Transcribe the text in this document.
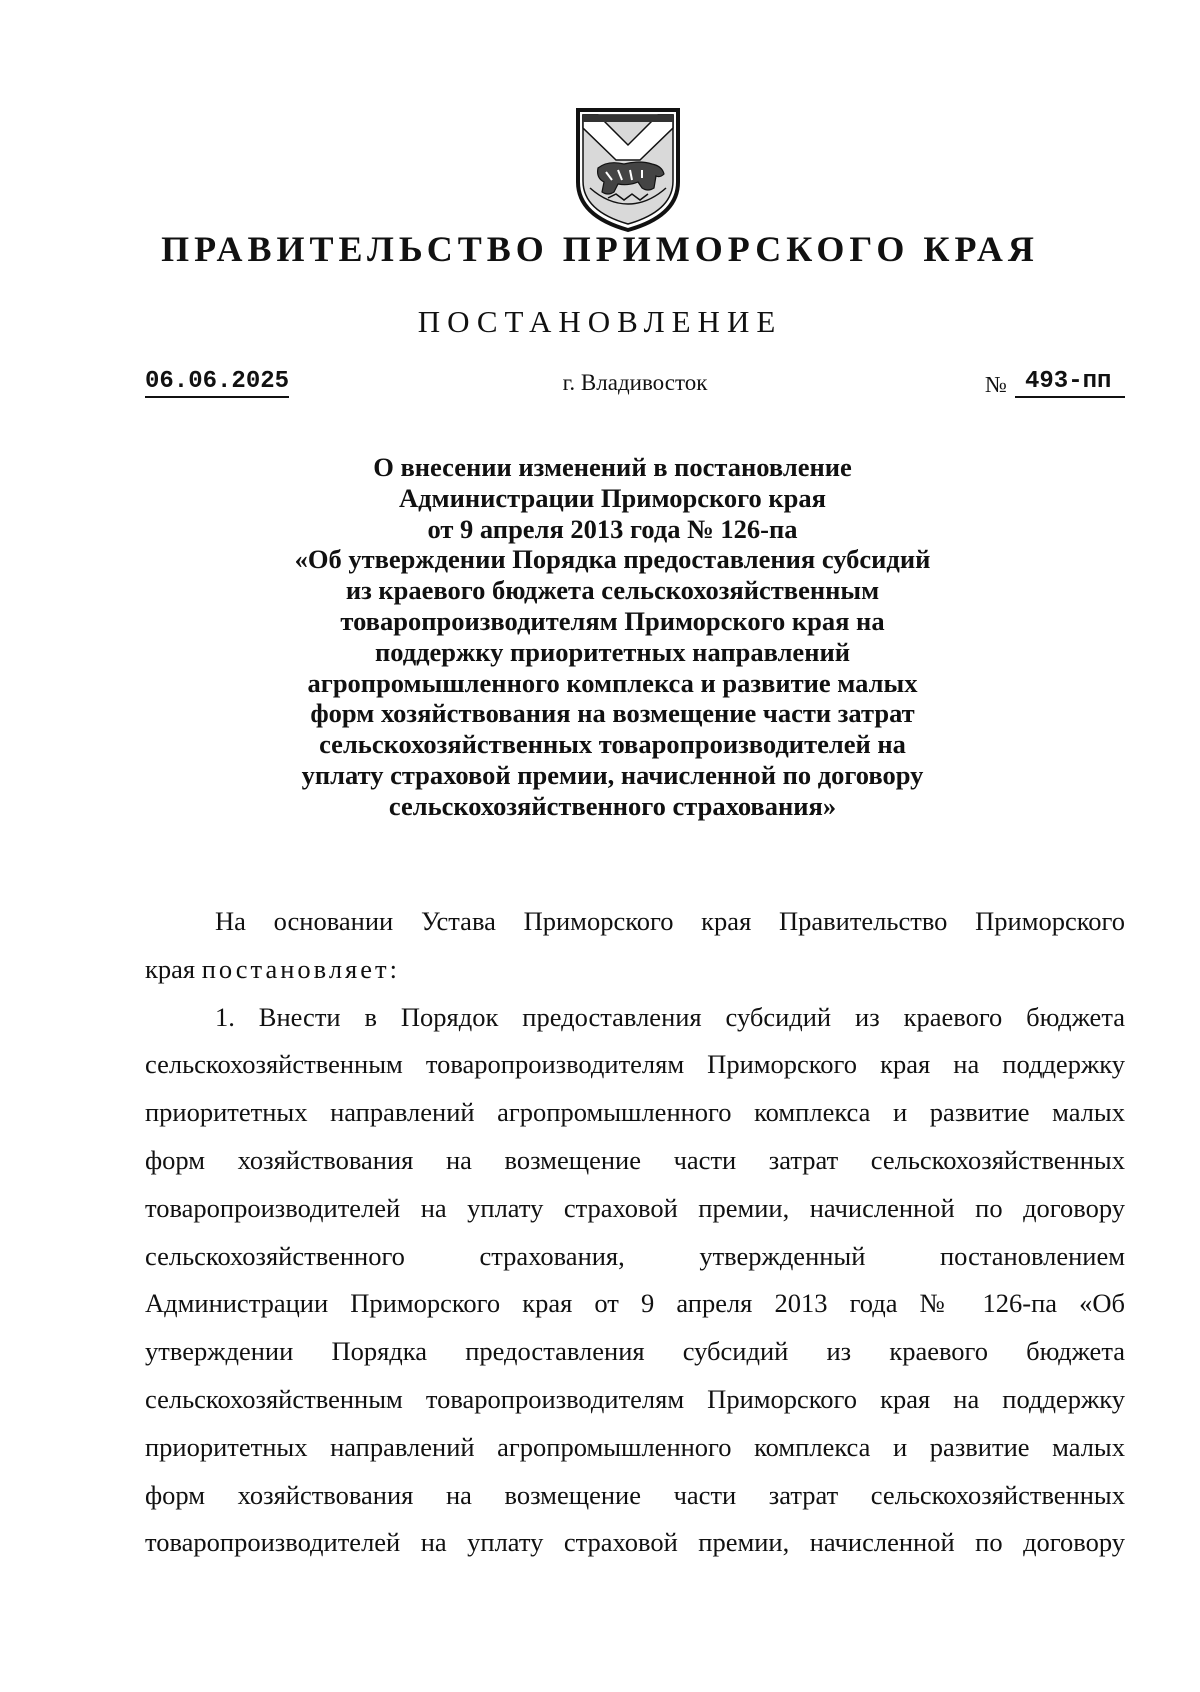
ПРАВИТЕЛЬСТВО ПРИМОРСКОГО КРАЯ
ПОСТАНОВЛЕНИЕ
06.06.2025	г. Владивосток	№ 493-пп
О внесении изменений в постановление
Администрации Приморского края
от 9 апреля 2013 года № 126-па
«Об утверждении Порядка предоставления субсидий
из краевого бюджета сельскохозяйственным
товаропроизводителям Приморского края на
поддержку приоритетных направлений
агропромышленного комплекса и развитие малых
форм хозяйствования на возмещение части затрат
сельскохозяйственных товаропроизводителей на
уплату страховой премии, начисленной по договору
сельскохозяйственного страхования»
На основании Устава Приморского края Правительство Приморского
края постановляет:
1. Внести в Порядок предоставления субсидий из краевого бюджета
сельскохозяйственным товаропроизводителям Приморского края на поддержку
приоритетных направлений агропромышленного комплекса и развитие малых
форм хозяйствования на возмещение части затрат сельскохозяйственных
товаропроизводителей на уплату страховой премии, начисленной по договору
сельскохозяйственного страхования, утвержденный постановлением
Администрации Приморского края от 9 апреля 2013 года № 126-па «Об
утверждении Порядка предоставления субсидий из краевого бюджета
сельскохозяйственным товаропроизводителям Приморского края на поддержку
приоритетных направлений агропромышленного комплекса и развитие малых
форм хозяйствования на возмещение части затрат сельскохозяйственных
товаропроизводителей на уплату страховой премии, начисленной по договору
